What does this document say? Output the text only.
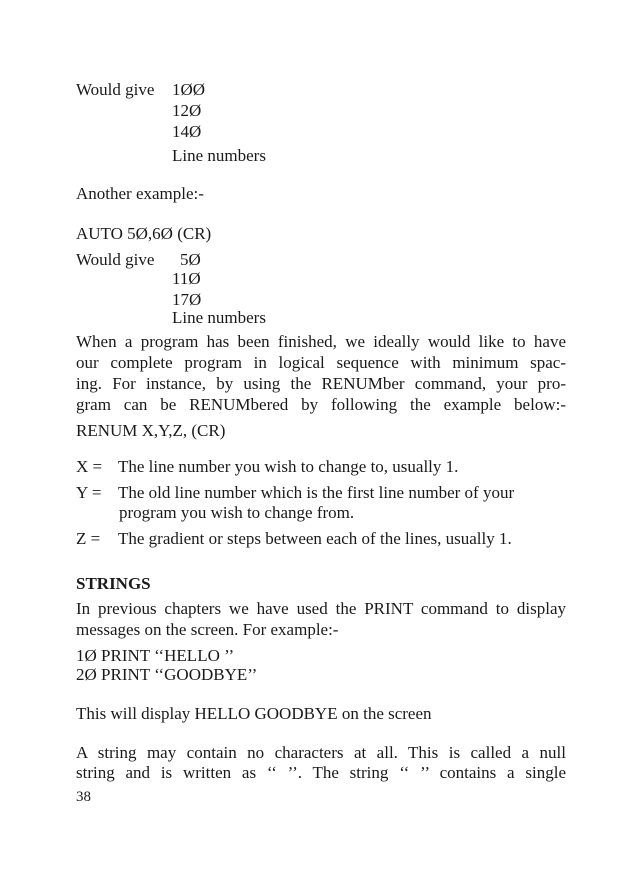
Would give 1ØØ
12Ø
14Ø
Line numbers
Another example:-
AUTO 5Ø,6Ø (CR)
Would give 5Ø
11Ø
17Ø
Line numbers
When a program has been finished, we ideally would like to have
our complete program in logical sequence with minimum spac-
ing. For instance, by using the RENUMber command, your pro-
gram can be RENUMbered by following the example below:-
RENUM X,Y,Z, (CR)
X = The line number you wish to change to, usually 1.
Y = The old line number which is the first line number of your
program you wish to change from.
Z = The gradient or steps between each of the lines, usually 1.
STRINGS
In previous chapters we have used the PRINT command to display
messages on the screen. For example:-
1Ø PRINT ‘‘HELLO ’’
2Ø PRINT ‘‘GOODBYE’’
This will display HELLO GOODBYE on the screen
A string may contain no characters at all. This is called a null
string and is written as ‘‘ ’’. The string ‘‘ ’’ contains a single
38
